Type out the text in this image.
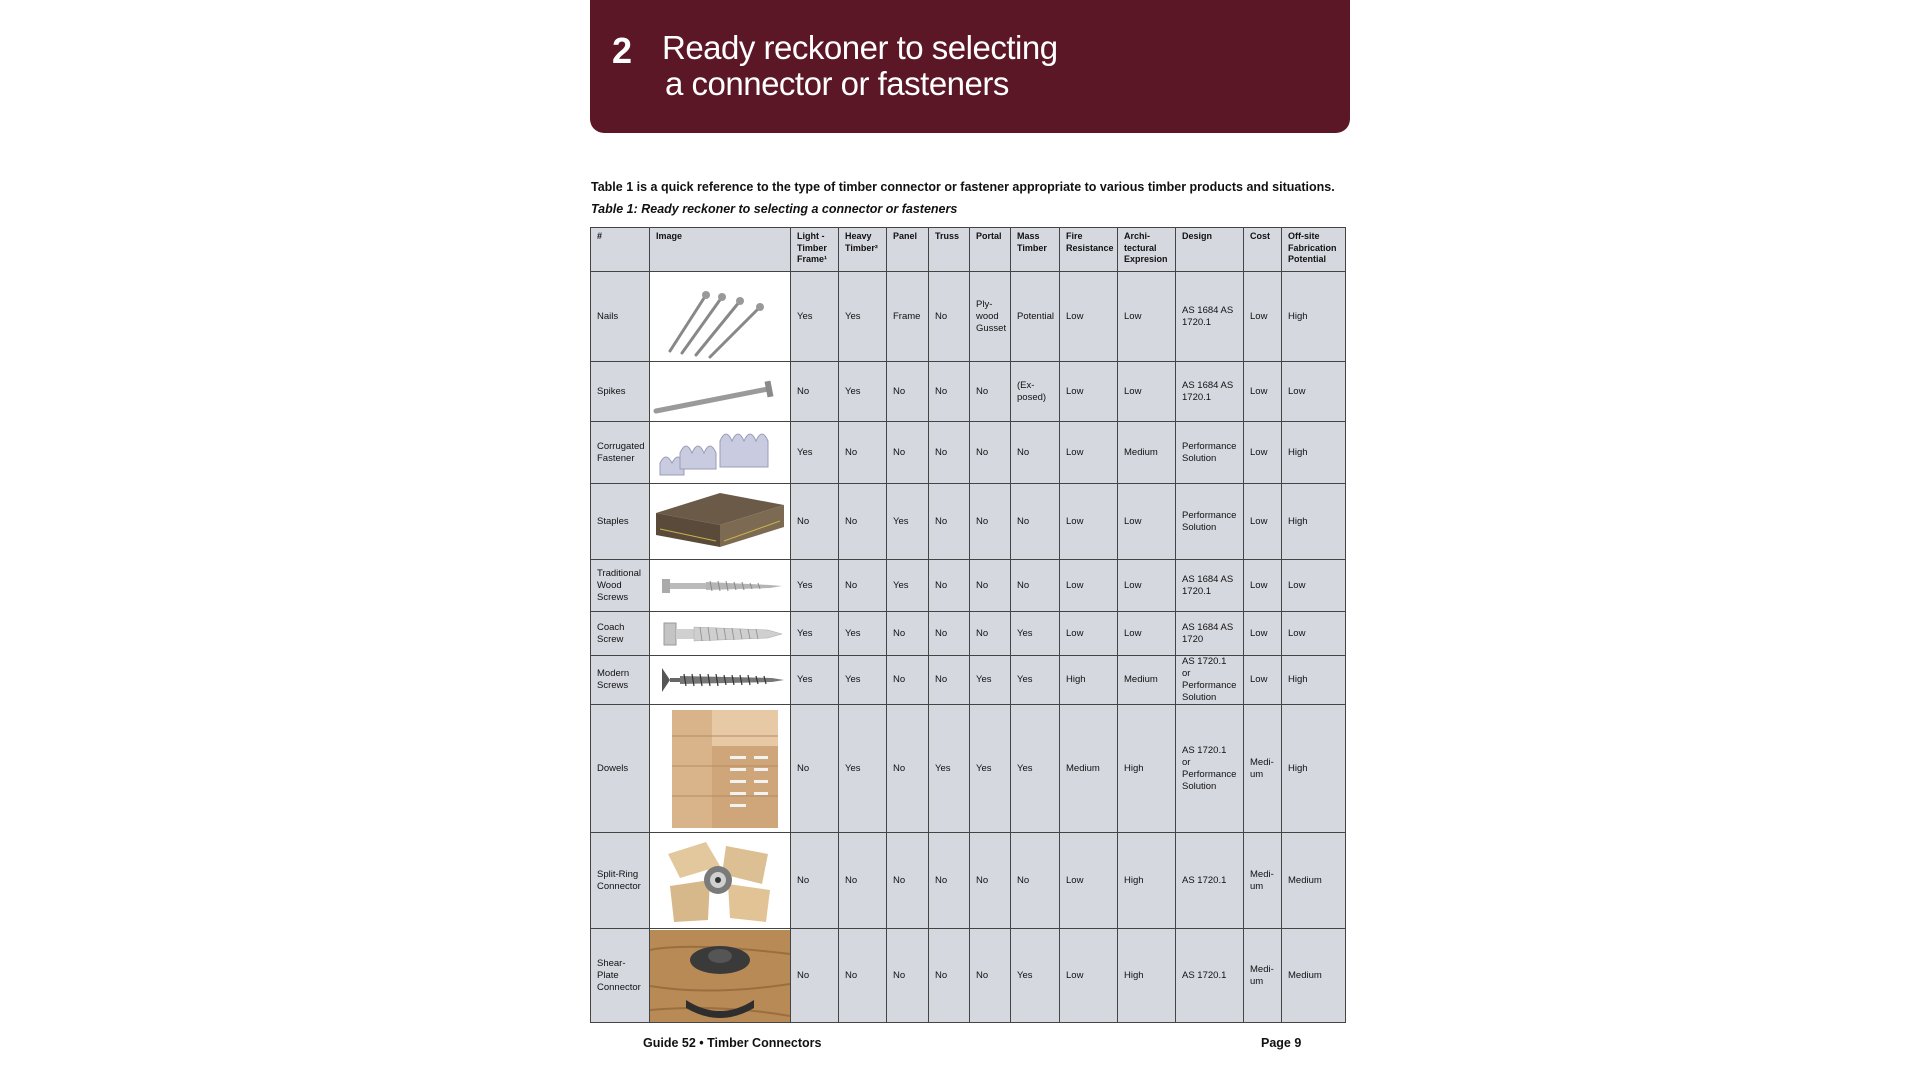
2 Ready reckoner to selecting
a connector or fasteners
Table 1 is a quick reference to the type of timber connector or fastener appropriate to various timber products and situations.
Table 1: Ready reckoner to selecting a connector or fasteners
#	Image	Light -Timber Frame¹	Heavy Timber²	Panel	Truss	Portal	Mass Timber	Fire Resistance	Archi- tectural Expresion	Design	Cost	Off-site Fabrication Potential
Nails		Yes	Yes	Frame	No	Ply- wood Gusset	Potential	Low	Low	AS 1684 AS 1720.1	Low	High
Spikes		No	Yes	No	No	No	(Ex- posed)	Low	Low	AS 1684 AS 1720.1	Low	Low
Corrugated Fastener		Yes	No	No	No	No	No	Low	Medium	Performance Solution	Low	High
Staples		No	No	Yes	No	No	No	Low	Low	Performance Solution	Low	High
Traditional Wood Screws		Yes	No	Yes	No	No	No	Low	Low	AS 1684 AS 1720.1	Low	Low
Coach Screw		Yes	Yes	No	No	No	Yes	Low	Low	AS 1684 AS 1720	Low	Low
Modern Screws		Yes	Yes	No	No	Yes	Yes	High	Medium	AS 1720.1 or Performance Solution	Low	High
Dowels		No	Yes	No	Yes	Yes	Yes	Medium	High	AS 1720.1 or Performance Solution	Medi- um	High
Split-Ring Connector		No	No	No	No	No	No	Low	High	AS 1720.1	Medi- um	Medium
Shear- Plate Connector		No	No	No	No	No	Yes	Low	High	AS 1720.1	Medi- um	Medium
Guide 52 • Timber Connectors	Page 9
